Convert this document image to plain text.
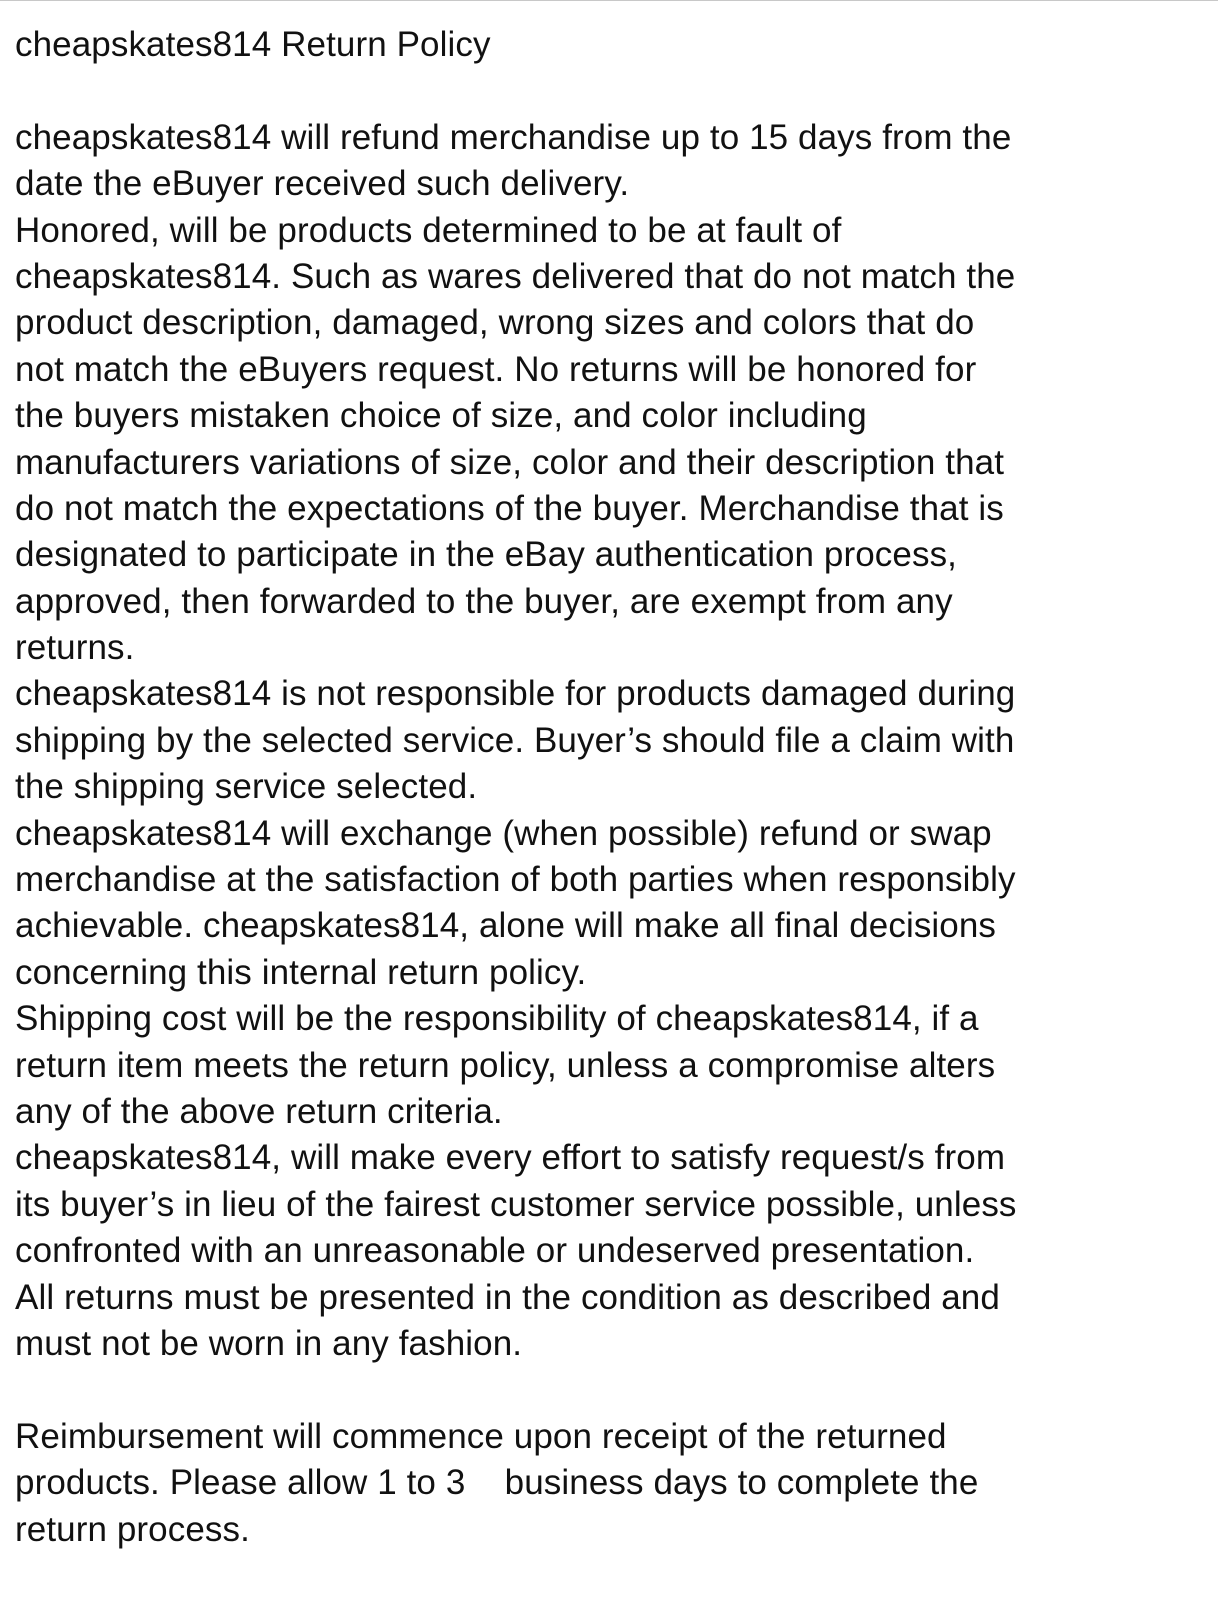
cheapskates814 Return Policy
cheapskates814 will refund merchandise up to 15 days from the
date the eBuyer received such delivery.
Honored, will be products determined to be at fault of
cheapskates814. Such as wares delivered that do not match the
product description, damaged, wrong sizes and colors that do
not match the eBuyers request. No returns will be honored for
the buyers mistaken choice of size, and color including
manufacturers variations of size, color and their description that
do not match the expectations of the buyer. Merchandise that is
designated to participate in the eBay authentication process,
approved, then forwarded to the buyer, are exempt from any
returns.
cheapskates814 is not responsible for products damaged during
shipping by the selected service. Buyer’s should file a claim with
the shipping service selected.
cheapskates814 will exchange (when possible) refund or swap
merchandise at the satisfaction of both parties when responsibly
achievable. cheapskates814, alone will make all final decisions
concerning this internal return policy.
Shipping cost will be the responsibility of cheapskates814, if a
return item meets the return policy, unless a compromise alters
any of the above return criteria.
cheapskates814, will make every effort to satisfy request/s from
its buyer’s in lieu of the fairest customer service possible, unless
confronted with an unreasonable or undeserved presentation.
All returns must be presented in the condition as described and
must not be worn in any fashion.
Reimbursement will commence upon receipt of the returned
products. Please allow 1 to 3    business days to complete the
return process.
